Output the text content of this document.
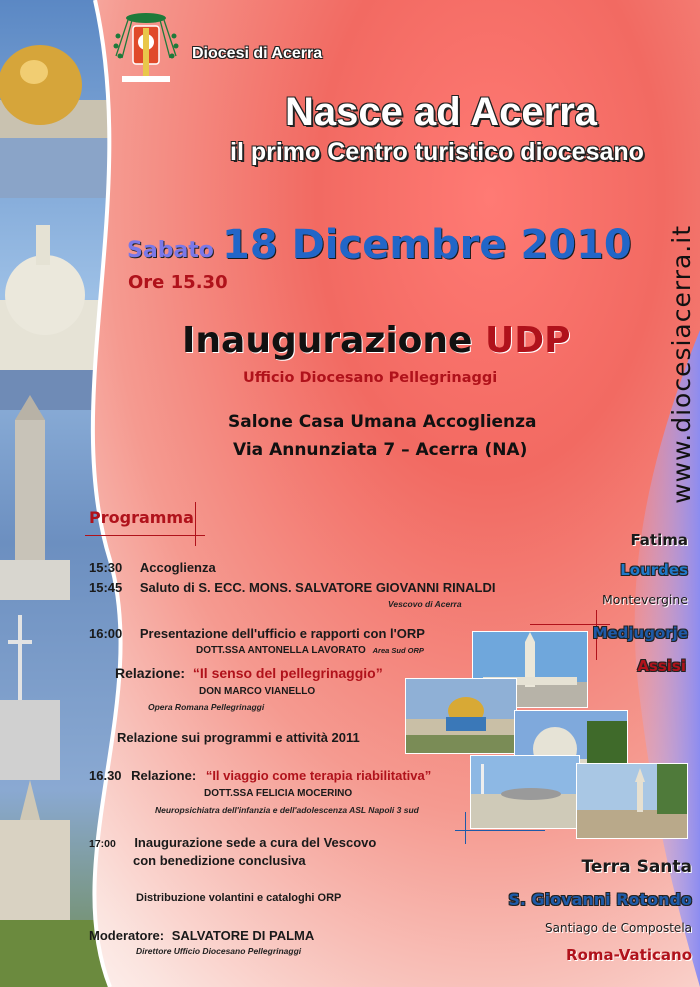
Diocesi di Acerra
Nasce ad Acerra
il primo Centro turistico diocesano
www.diocesiacerra.it
Sabato 18 Dicembre 2010
Ore 15.30
Inaugurazione UDP
Ufficio Diocesano Pellegrinaggi
Salone Casa Umana Accoglienza
Via Annunziata 7 – Acerra (NA)
Programma
15:30 Accoglienza
15:45 Saluto di S. ECC. MONS. SALVATORE GIOVANNI RINALDI
Vescovo di Acerra
16:00 Presentazione dell'ufficio e rapporti con l'ORP
DOTT.SSA ANTONELLA LAVORATO Area Sud ORP
Relazione: “Il senso del pellegrinaggio”
DON MARCO VIANELLO
Opera Romana Pellegrinaggi
Relazione sui programmi e attività 2011
16.30 Relazione: “Il viaggio come terapia riabilitativa”
DOTT.SSA FELICIA MOCERINO
Neuropsichiatra dell'infanzia e dell'adolescenza ASL Napoli 3 sud
17:00 Inaugurazione sede a cura del Vescovo
con benedizione conclusiva
Distribuzione volantini e cataloghi ORP
Moderatore: SALVATORE DI PALMA
Direttore Ufficio Diocesano Pellegrinaggi
Fatima
Lourdes
Montevergine
Medjugorje
Assisi
Terra Santa
S. Giovanni Rotondo
Santiago de Compostela
Roma-Vaticano
